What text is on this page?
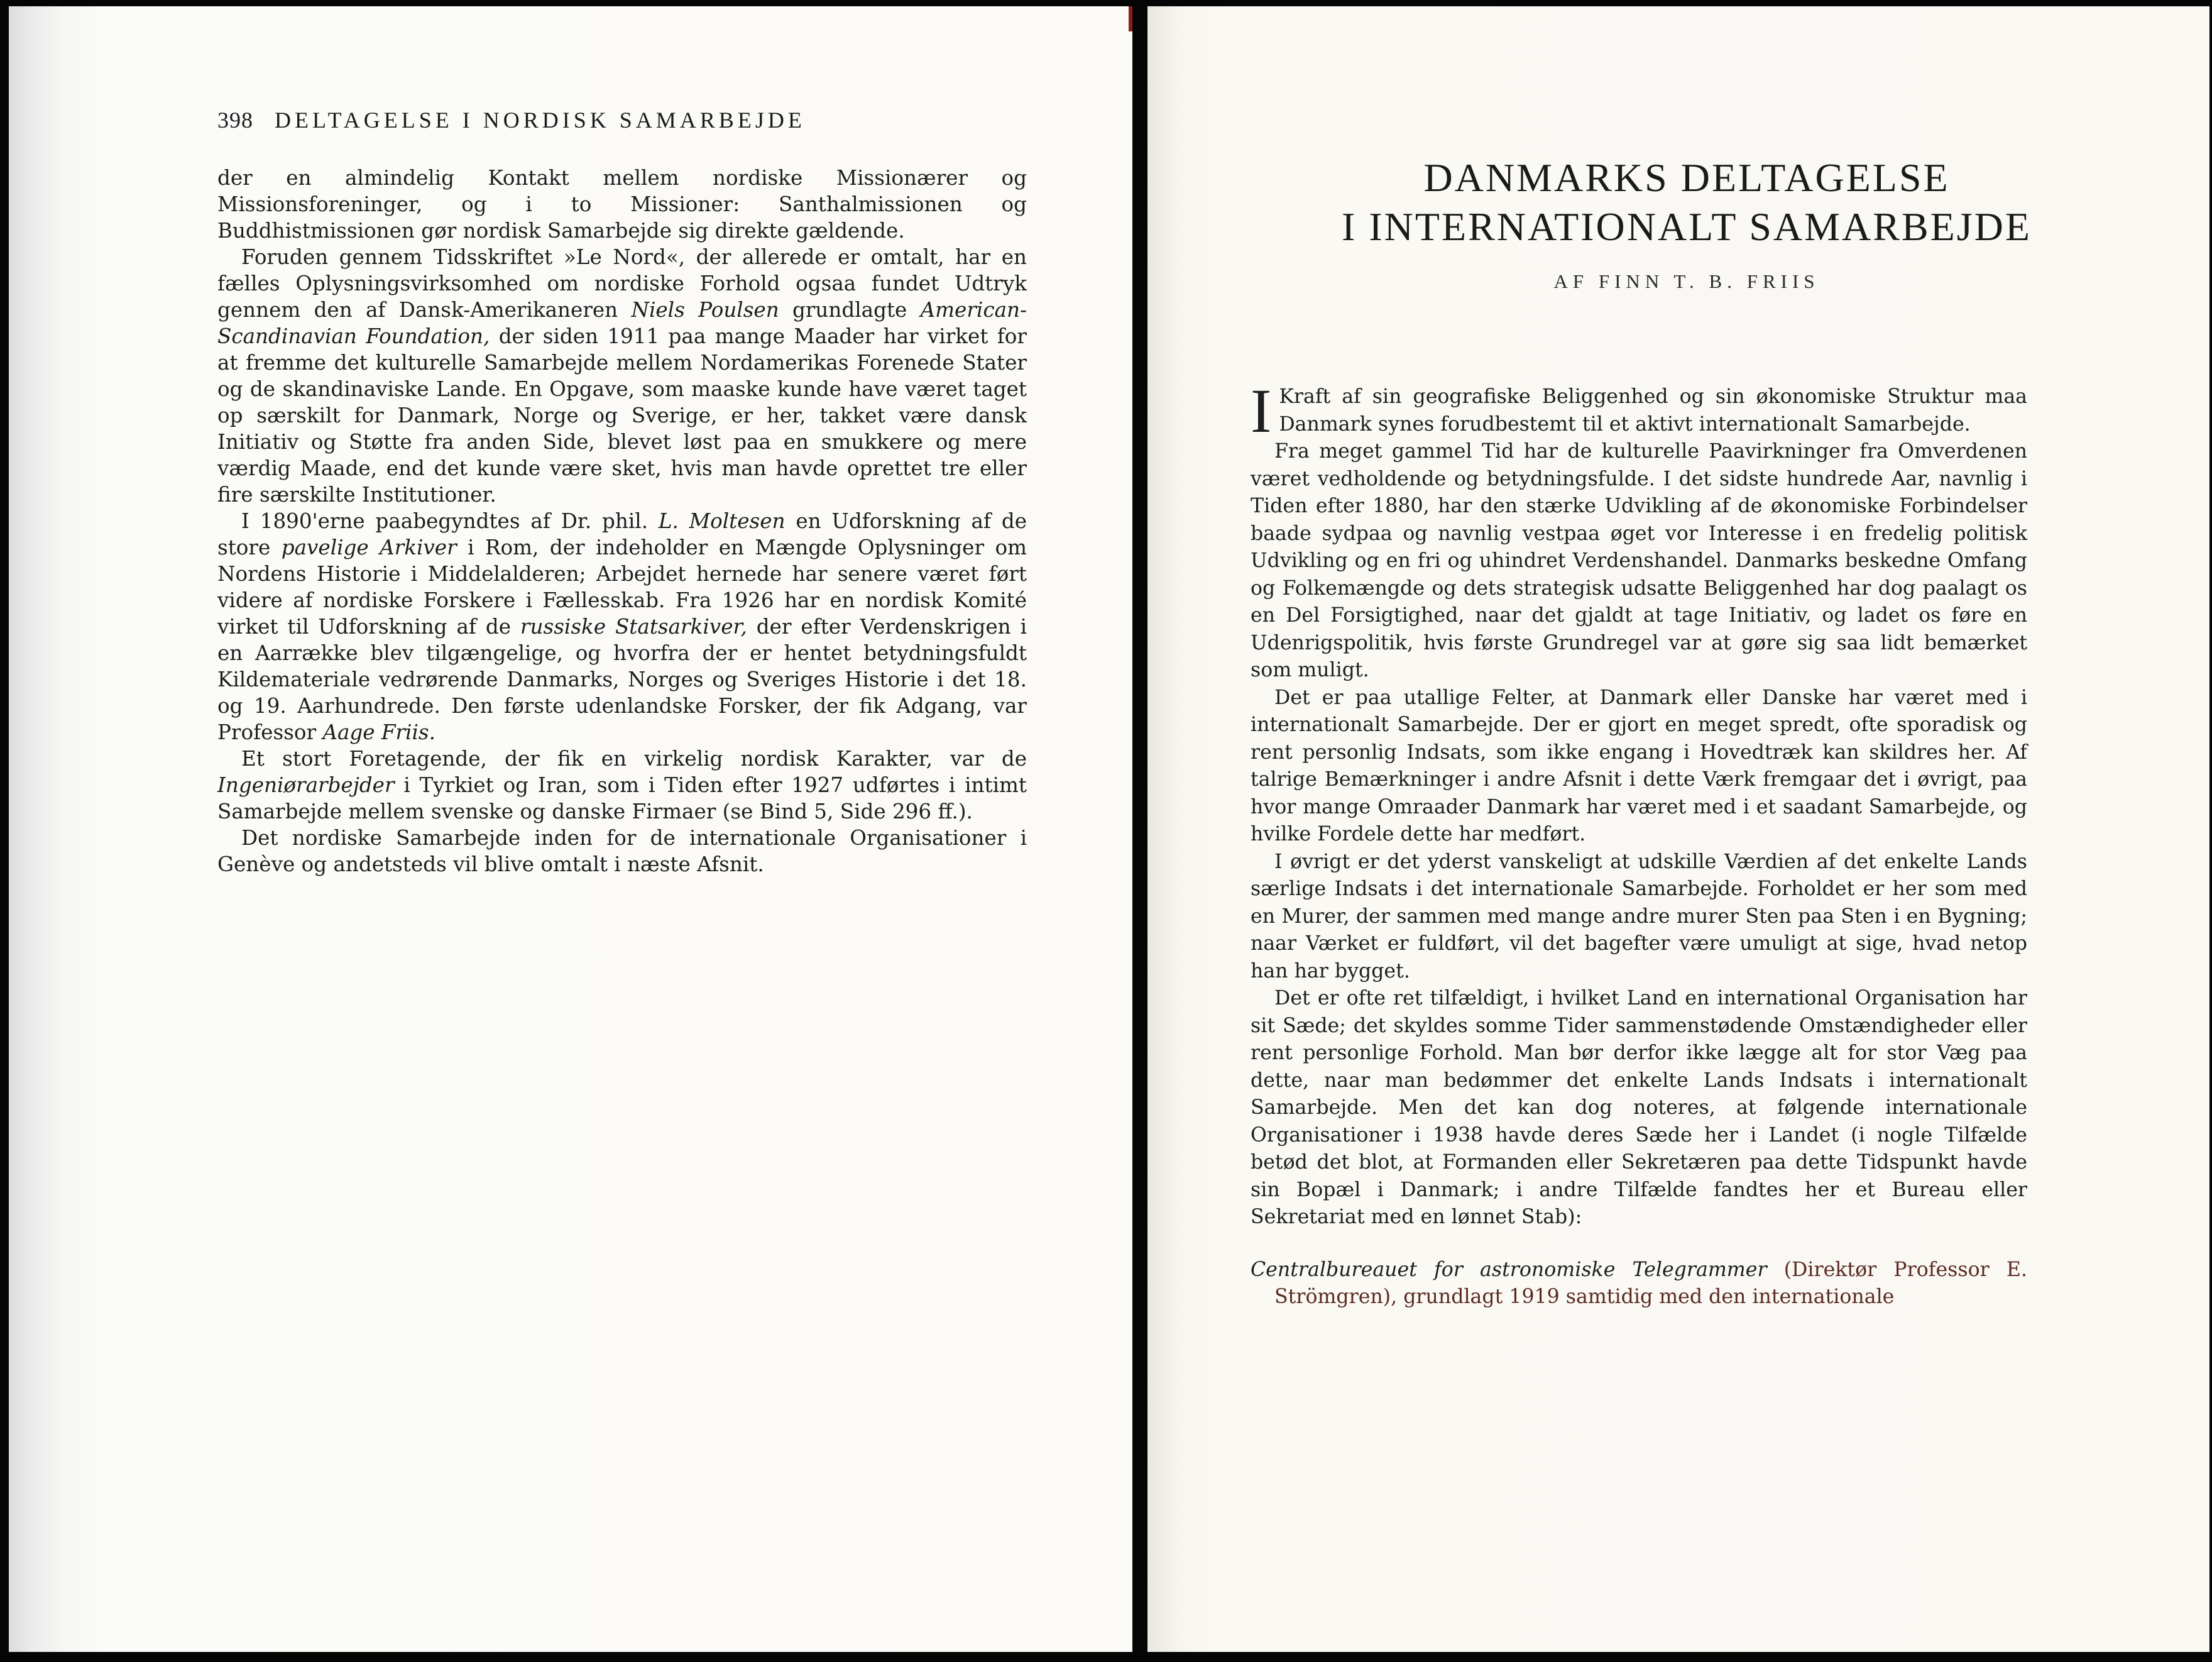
398 DELTAGELSE I NORDISK SAMARBEJDE

der en almindelig Kontakt mellem nordiske Missionærer og Missionsforeninger, og i to Missioner: Santhalmissionen og Buddhistmissionen gør nordisk Samarbejde sig direkte gældende.

Foruden gennem Tidsskriftet »Le Nord«, der allerede er omtalt, har en fælles Oplysningsvirksomhed om nordiske Forhold ogsaa fundet Udtryk gennem den af Dansk-Amerikaneren Niels Poulsen grundlagte American-Scandinavian Foundation, der siden 1911 paa mange Maader har virket for at fremme det kulturelle Samarbejde mellem Nordamerikas Forenede Stater og de skandinaviske Lande. En Opgave, som maaske kunde have været taget op særskilt for Danmark, Norge og Sverige, er her, takket være dansk Initiativ og Støtte fra anden Side, blevet løst paa en smukkere og mere værdig Maade, end det kunde være sket, hvis man havde oprettet tre eller fire særskilte Institutioner.

I 1890'erne paabegyndtes af Dr. phil. L. Moltesen en Udforskning af de store pavelige Arkiver i Rom, der indeholder en Mængde Oplysninger om Nordens Historie i Middelalderen; Arbejdet hernede har senere været ført videre af nordiske Forskere i Fællesskab. Fra 1926 har en nordisk Komité virket til Udforskning af de russiske Statsarkiver, der efter Verdenskrigen i en Aarrække blev tilgængelige, og hvorfra der er hentet betydningsfuldt Kildemateriale vedrørende Danmarks, Norges og Sveriges Historie i det 18. og 19. Aarhundrede. Den første udenlandske Forsker, der fik Adgang, var Professor Aage Friis.

Et stort Foretagende, der fik en virkelig nordisk Karakter, var de Ingeniørarbejder i Tyrkiet og Iran, som i Tiden efter 1927 udførtes i intimt Samarbejde mellem svenske og danske Firmaer (se Bind 5, Side 296 ff.).

Det nordiske Samarbejde inden for de internationale Organisationer i Genève og andetsteds vil blive omtalt i næste Afsnit.

DANMARKS DELTAGELSE
I INTERNATIONALT SAMARBEJDE
AF FINN T. B. FRIIS

I Kraft af sin geografiske Beliggenhed og sin økonomiske Struktur maa Danmark synes forudbestemt til et aktivt internationalt Samarbejde.

Fra meget gammel Tid har de kulturelle Paavirkninger fra Omverdenen været vedholdende og betydningsfulde. I det sidste hundrede Aar, navnlig i Tiden efter 1880, har den stærke Udvikling af de økonomiske Forbindelser baade sydpaa og navnlig vestpaa øget vor Interesse i en fredelig politisk Udvikling og en fri og uhindret Verdenshandel. Danmarks beskedne Omfang og Folkemængde og dets strategisk udsatte Beliggenhed har dog paalagt os en Del Forsigtighed, naar det gjaldt at tage Initiativ, og ladet os føre en Udenrigspolitik, hvis første Grundregel var at gøre sig saa lidt bemærket som muligt.

Det er paa utallige Felter, at Danmark eller Danske har været med i internationalt Samarbejde. Der er gjort en meget spredt, ofte sporadisk og rent personlig Indsats, som ikke engang i Hovedtræk kan skildres her. Af talrige Bemærkninger i andre Afsnit i dette Værk fremgaar det i øvrigt, paa hvor mange Omraader Danmark har været med i et saadant Samarbejde, og hvilke Fordele dette har medført.

I øvrigt er det yderst vanskeligt at udskille Værdien af det enkelte Lands særlige Indsats i det internationale Samarbejde. Forholdet er her som med en Murer, der sammen med mange andre murer Sten paa Sten i en Bygning; naar Værket er fuldført, vil det bagefter være umuligt at sige, hvad netop han har bygget.

Det er ofte ret tilfældigt, i hvilket Land en international Organisation har sit Sæde; det skyldes somme Tider sammenstødende Omstændigheder eller rent personlige Forhold. Man bør derfor ikke lægge alt for stor Væg paa dette, naar man bedømmer det enkelte Lands Indsats i internationalt Samarbejde. Men det kan dog noteres, at følgende internationale Organisationer i 1938 havde deres Sæde her i Landet (i nogle Tilfælde betød det blot, at Formanden eller Sekretæren paa dette Tidspunkt havde sin Bopæl i Danmark; i andre Tilfælde fandtes her et Bureau eller Sekretariat med en lønnet Stab):

Centralbureauet for astronomiske Telegrammer (Direktør Professor E. Strömgren), grundlagt 1919 samtidig med den internationale
